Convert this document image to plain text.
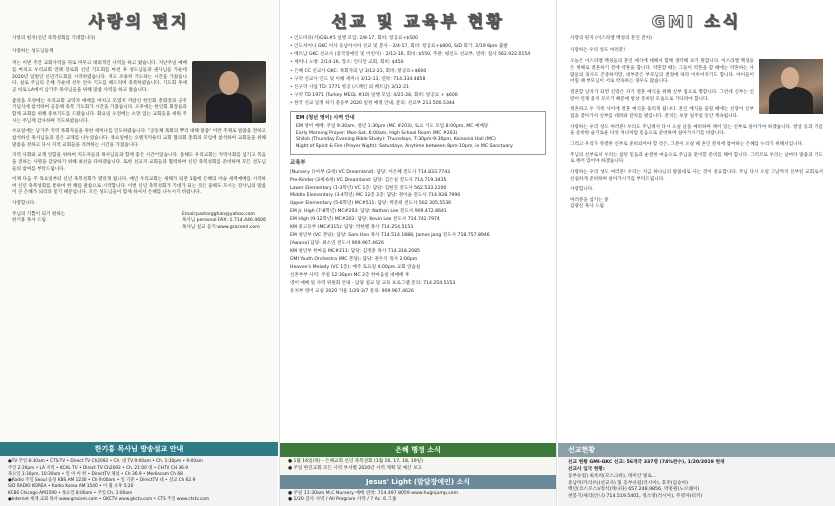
사랑의 편지

사랑의 편지(신년 축복성회를 기대합니다)

사랑하는 성도님들께

저는 이번 주간 교회사역을 뒤로 미루고 대외적인 사역을 하고 왔습니다. 지난주일 예배를 마치고 우리교회 연례 장로회 신년 기도회를 마친 후 성도님들과 권사님들 가운데 2020년 임원인 신년기도회를 시작하였습니다. 저도 조용히 기도하는 시간을 가졌습니다. 실로 주님의 은혜 가운데 선두 안수 기도를 해드리며 축복하였습니다. 기도회 후에 곧 바로 LA에서 남가주 목사님들을 위해 말씀 사역을 하고 왔습니다.

좋았을 모양에는 우리교회 교역자 예배를 마치고 모였지 까닭인 한인회 총회장과 공주 기념식에 참석하여 공동체 축복 기도회가 시간을 가졌습니다. 오후에는 한인회 회장들과 함께 교회를 위해 중보기도를 드렸습니다. 화요일 오전에는 소망 있는 교회들을 세워 주시는 주님께 감사하며 기도하였습니다.

수요일에는 남가주 지역 목회자들을 위한 세미나를 인도하였습니다. "공동체 목회의 뿌리 대해 말씀" 이란 주제로 말씀을 전하고 참석하신 목사님들과 깊은 교제를 나누었습니다. 목요일에는 오렌지카운티 교회 협의회 총회의 모임에 참석하여 교회들을 위해 말씀을 전하고 다시 지역 교회들을 격려하는 시간을 가졌습니다.

지역 사회와 교계 연합을 위하여 지도자들과 목사님들과 함께 좋은 시간이었습니다. 올해도 우리교회는 지역사회를 섬기고 복음을 전하는 사명을 감당하기 위해 최선을 다하겠습니다. 또한 선교지 교회들과 협력하여 신년 축복성회를 준비하며 모든 성도님들의 참여를 부탁드립니다.

이제 다음 주 목요일부터 신년 축복성회가 열리게 됩니다. 매년 우리교회는 새해가 되면 1월에 은혜의 이슬 새벽예배를 시작하여 신년 축복성회를 통하여 한 해를 말씀으로 시작합니다. 이번 신년 축복성회가 기대가 되는 것은 올해도 모시는 강사님의 말씀이 큰 은혜가 되리라 믿기 때문입니다. 모든 성도님들이 함께 하셔서 은혜를 나누시기 바랍니다.

사랑합니다.

주님의 기쁨이 되기 원하는
한기홍 목사 드림
Email:pastorgghan@yahoo.com
목사님 personal FAX: 1.714.446.4606
목사님 설교 듣기:www.graceml.com
한기홍 목사님 방송설교 안내
●TV 주일 8:30am • CTS-TV • Direct TV Ch2092 • Ch. 대 TV 9:00am • Ch. 1:30pm • 9:00am
주일 2:30pm • LA 지역 • KCAL TV • Direct TV Ch2092 • Ch. 21:00 대 • CHTV CH 36.9
목요일 1:30pm, 10:30am • 일 이 이 한 • DirectTV 채널 • Ch 36.9 • Mediacom Ch 68
●Radio 주일 Seoul 음성 KBS AM 1230 • Ch 9:00am • 일 기준 • DirectTV 대 • 설교 Ch 62.9
S/D RADIO KOREA • Radio Korea AM 1540 • 이 월 오후 5:20
KCBS Chicago AM1590 • 목요일 8:00am • 주일 Ch. 1:00am
●Internet 세계 교회 목사 www.gracem.com • GKCTV www.gkctv.com • CTS 주일 www.ctstv.com
선교 및 교육부 현황
• 인도미타(서)GSL#5 일행 모임: 2/8-17, 회비: 항공료+$500
• 인도차이나 GKC 이사 동남아시아 선교 및 봉사 - 2/4-17, 회비: 항공료+$800, S/D 회기: 2/19 8pm 출발
• 베트남 GKC 선교사 (중국장애인 및 어린이) - 2/12-16, 회비: $550, 주관: 평신도 선교부, 연락: 집사 562.922.0154
• 세미나 노방: 2/14-16, 장소: 인디언 교회, 회비: $450
• 은혜 CC 선교사 GKC: 목회자의 날 3/12-21, 회비: 항공료+$600
• 구약 선교사 인도 및 이해 세미나 3/12-13, 연락: 714.334.4858
• 신구약 사업 TD: 1771 항공 (스페인 외 베트남) 3/12-21
• 구약 TD 1971 (Turkey MEGL #10) 일행 모임: 4/21-28, 회비: 항공료 + $600
• 한국 선교 일정 하기 중등부 2020 일정 예정 안내, 문의: 선교부 213.500.5344
EM (청년 영어) 사역 안내
EM 영어 예배: 주일 9:30am, 청년 1:30pm (MC #203), 토요 기도 모임 8:00pm, MC 예배당
Early Morning Prayer: Mon-Sat, 6:00am, High School Room (MC #203)
Shiloh (Thursday Evening Bible Study): Thursdays, 7:30pm-9:30pm, Koinonia Hall (MC)
Night of Spirit & Fire (Prayer Night): Saturdays, Anytime between 8pm-10pm, in MC Sanctuary
교육부
[Nursery 유아부 (2세) VC Dreamland]: 담당: 이은혜 전도사 714.833.7743
Pre-Kinder (3세-6세) VC Dreamland: 담당: 김은실 전도사 714.719.3435
Lower Elementary (1-3학년) VC 1층: 담당: 김현진 전도사 562.533.2200
Middle Elementary (3-4학년) MC 12층 2층: 담당: 정이슬 전도사 714.928.7990
Upper Elementary (5-6학년) MC#511: 담당: 박준희 전도사 562.305.5536
EM Jr. High (7-8학년) MC#203: 담당: Nathan Lee 전도사 909.472.8641
EM High (9-12학년) MC#203: 담당: Kevin Lee 전도사 714.742.7974
KM 중고등부 (MC#315): 담당: 박한별 목사 714.254.5153
EM 청년부 (VC 본당): 담당: Sam Han 목사 714.514.1888, James Jang 전도사 718.757.8946
[Awana] 담당: 최소연 전도사 909.967.4626
KM 청년부 한마음 MC#211: 담당: 김정훈 목사 714.318.2085
GMI Youth Orchestra (MC 본당): 담당: 권두식 목사 2:00pm
Heaven's Melody (VC 1층): 매주 토요일 4:00pm 교회 연습실
신혼부부 사역: 주일 12:30pm MC 2층 한마음실 대예배 후
영어 예배 및 사역 위원회 안내 - 담당 설교 및 교육 프로그램 문의: 714.254.5153
유치부 영어 교실 2020 겨울 1/20-3/7 문의: 909.967.4626
은혜 행정 소식
● 1월 16일(목) - 은혜교회 신년 축복성회 (1월 16, 17, 18, 19일)
● 주일 한인교회 모든 사역 부서별 2020년 사역 계획 및 예산 보고
Jesus' Light (발달장애인) 소식
● 주일 11:30am M.C Nursery 예배 연락: 714.497.8059 www.hugnjump.com
● 1/20 감사 사역 / All Program 사역 / 7 Ac. 6 그룹
GMI 소식

사랑의 편지 (이스라엘 백성의 혼인 잔치)

사랑하는 우리 성도 여러분!

오늘은 이스라엘 백성들의 혼인 예식에 대해서 함께 생각해 보기 원합니다. 이스라엘 백성들은 첫째로 결혼하기 전에 약혼을 합니다. 약혼할 때는 그들이 약혼을 할 때에는 약혼하는 사람들의 의사도 존중하지만, 대부분은 부모님의 결정에 따라 이루어지기도 합니다. 아이들이 어릴 때 부모님이 서로 약속하는 경우도 많습니다.

결혼할 날자가 되면 신랑은 자기 결혼 예식을 위해 신부 집으로 향합니다. 그런데 신부는 신랑이 언제 올지 모르기 때문에 항상 준비된 모습으로 기다려야 합니다.

정혼하고 두 가족 사이에 결혼 예식을 올리게 됩니다. 혼인 예식을 올릴 때에는 신랑이 신부 집을 찾아가서 신부를 데려와 잔치를 벌입니다. 잔치는 보통 일주일 동안 계속됩니다.

사랑하는 우리 성도 여러분! 우리도 주님께서 다시 오실 날을 예비하며 깨어 있는 신부로 살아가야 하겠습니다. 항상 등과 기름을 준비한 슬기로운 다섯 처녀처럼 믿음으로 준비하며 살아가시기를 바랍니다.

그리고 우리가 정결한 신부로 준비되어야 할 것은, 그분이 오실 때 혼인 잔치에 참여하는 은혜를 누리기 위해서입니다.

주님의 신부로서 우리는 참된 믿음과 순결한 마음으로 주님을 맞이할 준비를 해야 합니다. 그러므로 우리는 날마다 말씀과 기도로 깨어 있어야 하겠습니다.

사랑하는 우리 성도 여러분! 우리는 지금 하나님의 말씀대로 사는 것이 중요합니다. 주님 다시 오실 그날까지 신부된 교회로서 신실하게 준비하며 살아가시기를 부탁드립니다.

사랑합니다.

여러분을 섬기는 종
김광신 목사 드림
선교현황
선교 현황 GMI-GKC 선교: 56개국 337명 (74%완수), 1/20/2019 현재
선교사 입국 현황:
동부유럽) 최옥희(모스크바), 데미안 빌로...
중남미/카리브)(선교사) 및 동부유럽(러시아), 호주(김승아)
백년(코스모스)/정석(캐나다) 657.248.9856, 박흥원(노르웨이)
천봉기/새리(인니) 714.519.5401, 정소영(러시아), 주영자(터키)
